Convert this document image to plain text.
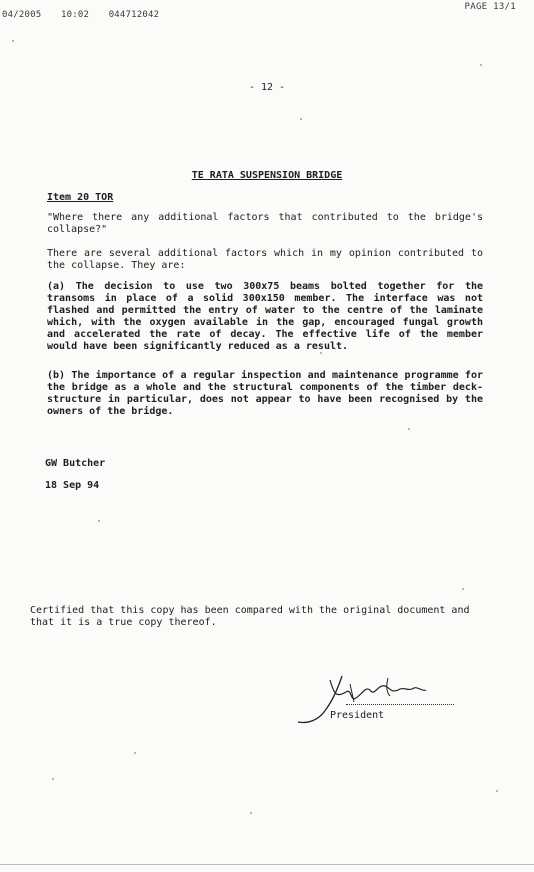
04/2005 10:02 044712042
PAGE 13/1
- 12 -
TE RATA SUSPENSION BRIDGE
Item 20 TOR

"Where there any additional factors that contributed to the bridge's collapse?"

There are several additional factors which in my opinion contributed to the collapse. They are:

(a) The decision to use two 300x75 beams bolted together for the transoms in place of a solid 300x150 member. The interface was not flashed and permitted the entry of water to the centre of the laminate which, with the oxygen available in the gap, encouraged fungal growth and accelerated the rate of decay. The effective life of the member would have been significantly reduced as a result.

(b) The importance of a regular inspection and maintenance programme for the bridge as a whole and the structural components of the timber deck-structure in particular, does not appear to have been recognised by the owners of the bridge.

GW Butcher
18 Sep 94

Certified that this copy has been compared with the original document and that it is a true copy thereof.

President
